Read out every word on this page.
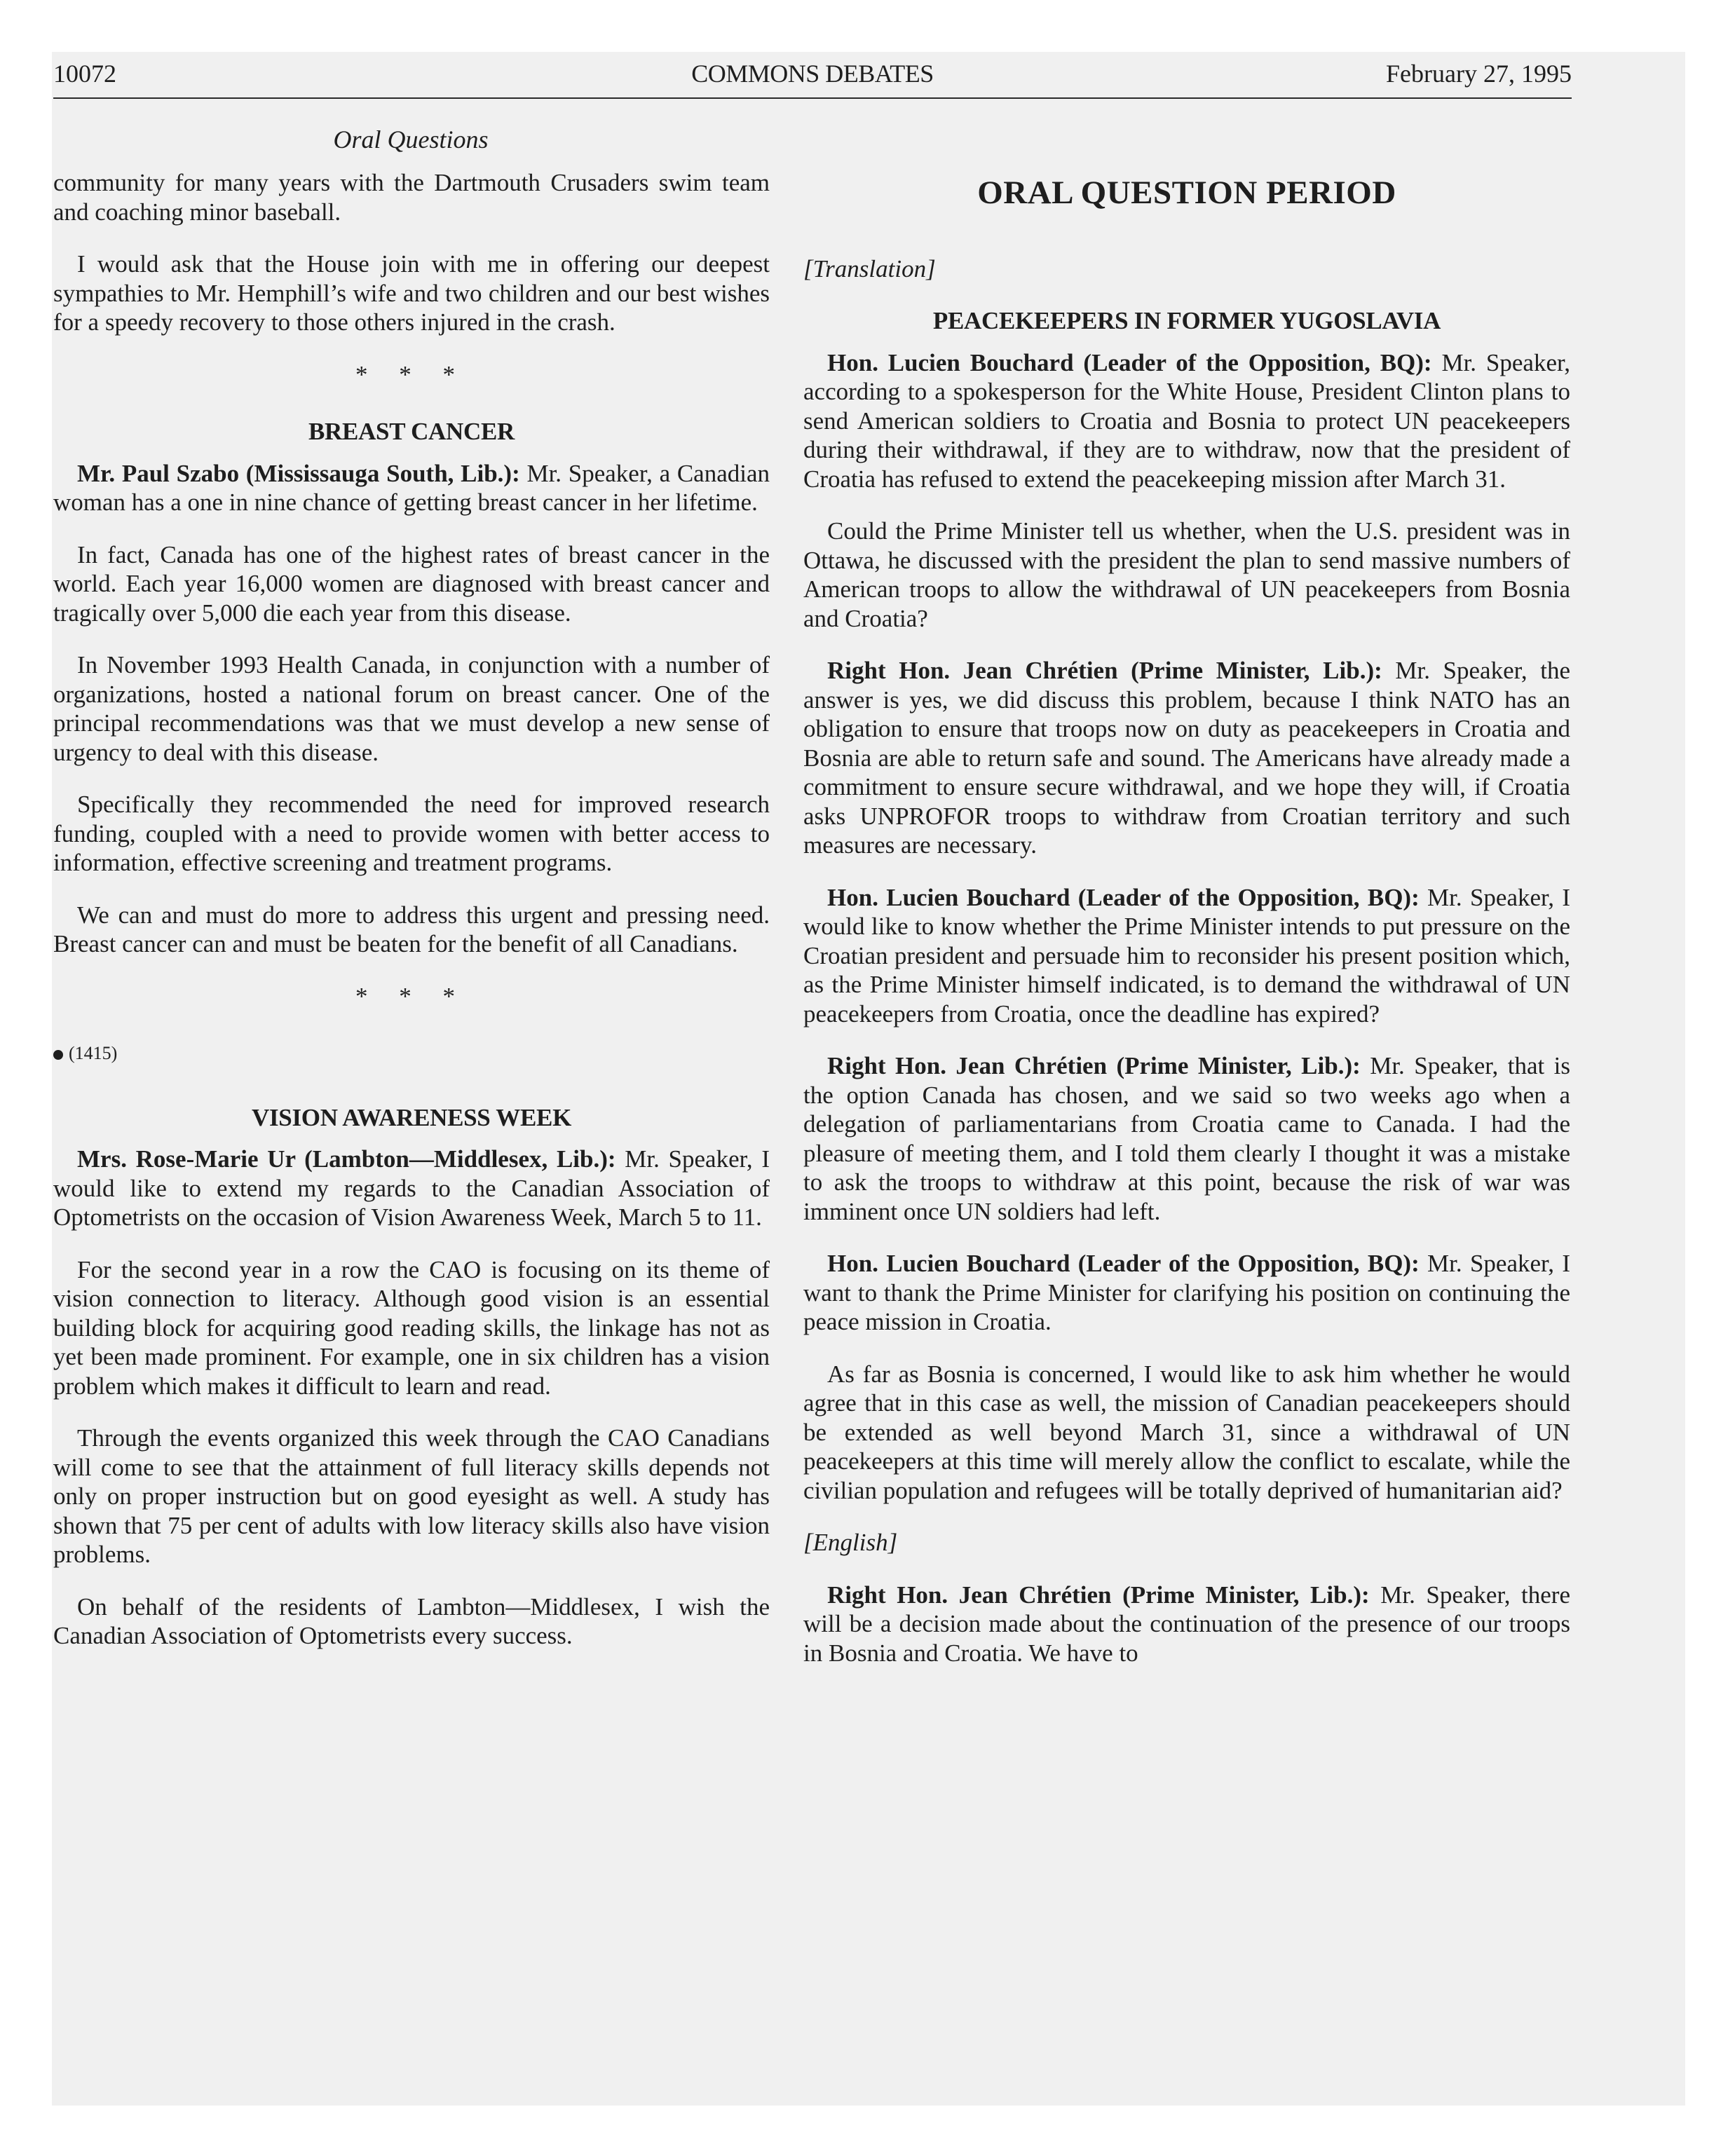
10072	COMMONS DEBATES	February 27, 1995
Oral Questions

community for many years with the Dartmouth Crusaders swim team and coaching minor baseball.

I would ask that the House join with me in offering our deepest sympathies to Mr. Hemphill’s wife and two children and our best wishes for a speedy recovery to those others injured in the crash.

* * *
BREAST CANCER

Mr. Paul Szabo (Mississauga South, Lib.): Mr. Speaker, a Canadian woman has a one in nine chance of getting breast cancer in her lifetime.

In fact, Canada has one of the highest rates of breast cancer in the world. Each year 16,000 women are diagnosed with breast cancer and tragically over 5,000 die each year from this disease.

In November 1993 Health Canada, in conjunction with a number of organizations, hosted a national forum on breast cancer. One of the principal recommendations was that we must develop a new sense of urgency to deal with this disease.

Specifically they recommended the need for improved research funding, coupled with a need to provide women with better access to information, effective screening and treatment programs.

We can and must do more to address this urgent and pressing need. Breast cancer can and must be beaten for the benefit of all Canadians.

* * *
(1415)
VISION AWARENESS WEEK

Mrs. Rose-Marie Ur (Lambton—Middlesex, Lib.): Mr. Speaker, I would like to extend my regards to the Canadian Association of Optometrists on the occasion of Vision Awareness Week, March 5 to 11.

For the second year in a row the CAO is focusing on its theme of vision connection to literacy. Although good vision is an essential building block for acquiring good reading skills, the linkage has not as yet been made prominent. For example, one in six children has a vision problem which makes it difficult to learn and read.

Through the events organized this week through the CAO Canadians will come to see that the attainment of full literacy skills depends not only on proper instruction but on good eyesight as well. A study has shown that 75 per cent of adults with low literacy skills also have vision problems.

On behalf of the residents of Lambton—Middlesex, I wish the Canadian Association of Optometrists every success.

ORAL QUESTION PERIOD

[Translation]

PEACEKEEPERS IN FORMER YUGOSLAVIA

Hon. Lucien Bouchard (Leader of the Opposition, BQ): Mr. Speaker, according to a spokesperson for the White House, President Clinton plans to send American soldiers to Croatia and Bosnia to protect UN peacekeepers during their withdrawal, if they are to withdraw, now that the president of Croatia has refused to extend the peacekeeping mission after March 31.

Could the Prime Minister tell us whether, when the U.S. president was in Ottawa, he discussed with the president the plan to send massive numbers of American troops to allow the withdrawal of UN peacekeepers from Bosnia and Croatia?

Right Hon. Jean Chrétien (Prime Minister, Lib.): Mr. Speaker, the answer is yes, we did discuss this problem, because I think NATO has an obligation to ensure that troops now on duty as peacekeepers in Croatia and Bosnia are able to return safe and sound. The Americans have already made a commitment to ensure secure withdrawal, and we hope they will, if Croatia asks UNPROFOR troops to withdraw from Croatian territory and such measures are necessary.

Hon. Lucien Bouchard (Leader of the Opposition, BQ): Mr. Speaker, I would like to know whether the Prime Minister intends to put pressure on the Croatian president and persuade him to reconsider his present position which, as the Prime Minister himself indicated, is to demand the withdrawal of UN peacekeepers from Croatia, once the deadline has expired?

Right Hon. Jean Chrétien (Prime Minister, Lib.): Mr. Speaker, that is the option Canada has chosen, and we said so two weeks ago when a delegation of parliamentarians from Croatia came to Canada. I had the pleasure of meeting them, and I told them clearly I thought it was a mistake to ask the troops to withdraw at this point, because the risk of war was imminent once UN soldiers had left.

Hon. Lucien Bouchard (Leader of the Opposition, BQ): Mr. Speaker, I want to thank the Prime Minister for clarifying his position on continuing the peace mission in Croatia.

As far as Bosnia is concerned, I would like to ask him whether he would agree that in this case as well, the mission of Canadian peacekeepers should be extended as well beyond March 31, since a withdrawal of UN peacekeepers at this time will merely allow the conflict to escalate, while the civilian population and refugees will be totally deprived of humanitarian aid?

[English]

Right Hon. Jean Chrétien (Prime Minister, Lib.): Mr. Speaker, there will be a decision made about the continuation of the presence of our troops in Bosnia and Croatia. We have to
